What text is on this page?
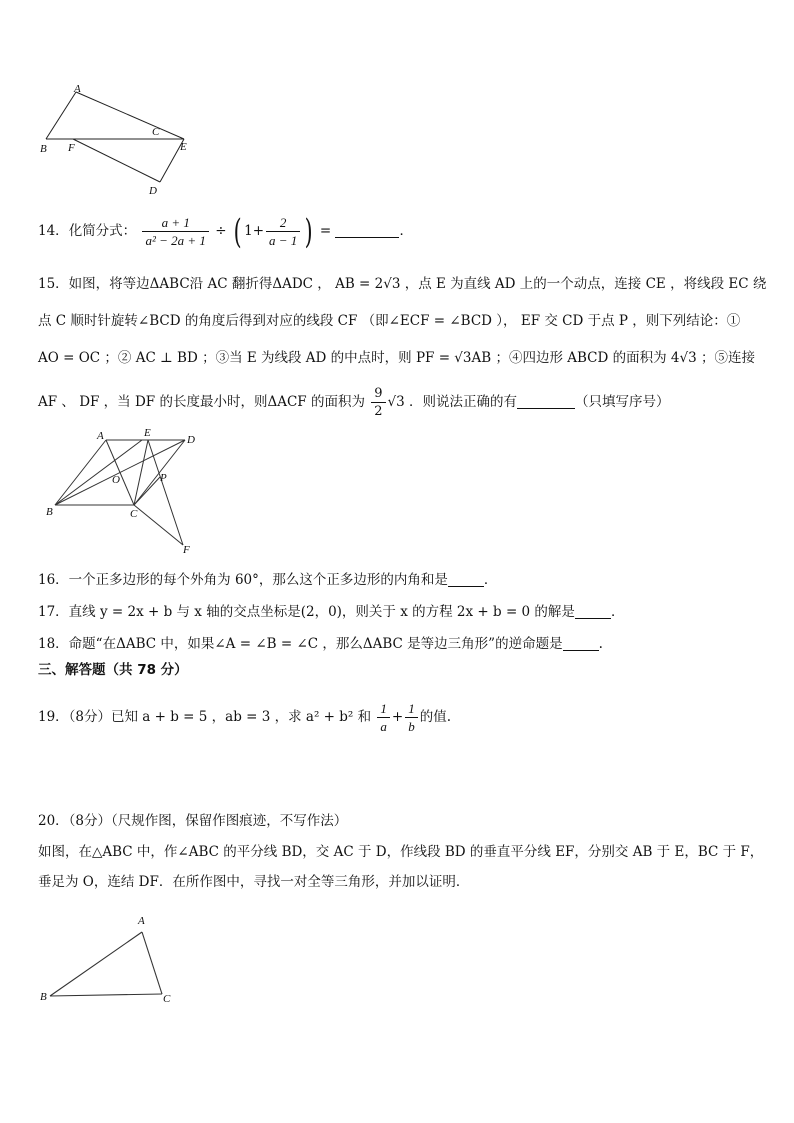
A
B F
C
E
D
14．化简分式： $\frac{a + 1}{\text{a² − 2a + 1}}$ ÷ ( $1+ \frac{2}{a - 1}$ ) =	．
15．如图，将等边ΔABC沿 AC 翻折得ΔADC ， AB = 2√3 ，点 E 为直线 AD 上的一个动点，连接 CE ，将线段 EC 绕
点 C 顺时针旋转∠BCD 的角度后得到对应的线段 CF （即∠ECF = ∠BCD ）， EF 交 CD 于点 P ，则下列结论：①
AO = OC ；② AC ⊥ BD ；③当 E 为线段 AD 的中点时，则 PF = √3AB ；④四边形 ABCD 的面积为 4√3 ；⑤连接
AF 、 DF ，当 DF 的长度最小时，则ΔACF 的面积为 $\frac{9}{2} √3$ ．则说法正确的有	（只填写序号）
A	E
D
O	P
B	C
F
16．一个正多边形的每个外角为 60°，那么这个正多边形的内角和是	．
17．直线 y = 2x + b 与 x 轴的交点坐标是(2，0)，则关于 x 的方程 2x + b = 0 的解是	．
18．命题“在ΔABC 中，如果∠A = ∠B = ∠C ，那么ΔABC 是等边三角形”的逆命题是	.
三、解答题（共 78 分）
19．（8分）已知 a + b = 5 ，ab = 3 ，求 a² + b² 和 $\frac{1}{a} + \frac{1}{b}$ 的值.
20．（8分）（尺规作图，保留作图痕迹，不写作法）
如图，在△ABC 中，作∠ABC 的平分线 BD，交 AC 于 D，作线段 BD 的垂直平分线 EF，分别交 AB 于 E，BC 于 F，
垂足为 O，连结 DF．在所作图中，寻找一对全等三角形，并加以证明．
A
B	C
